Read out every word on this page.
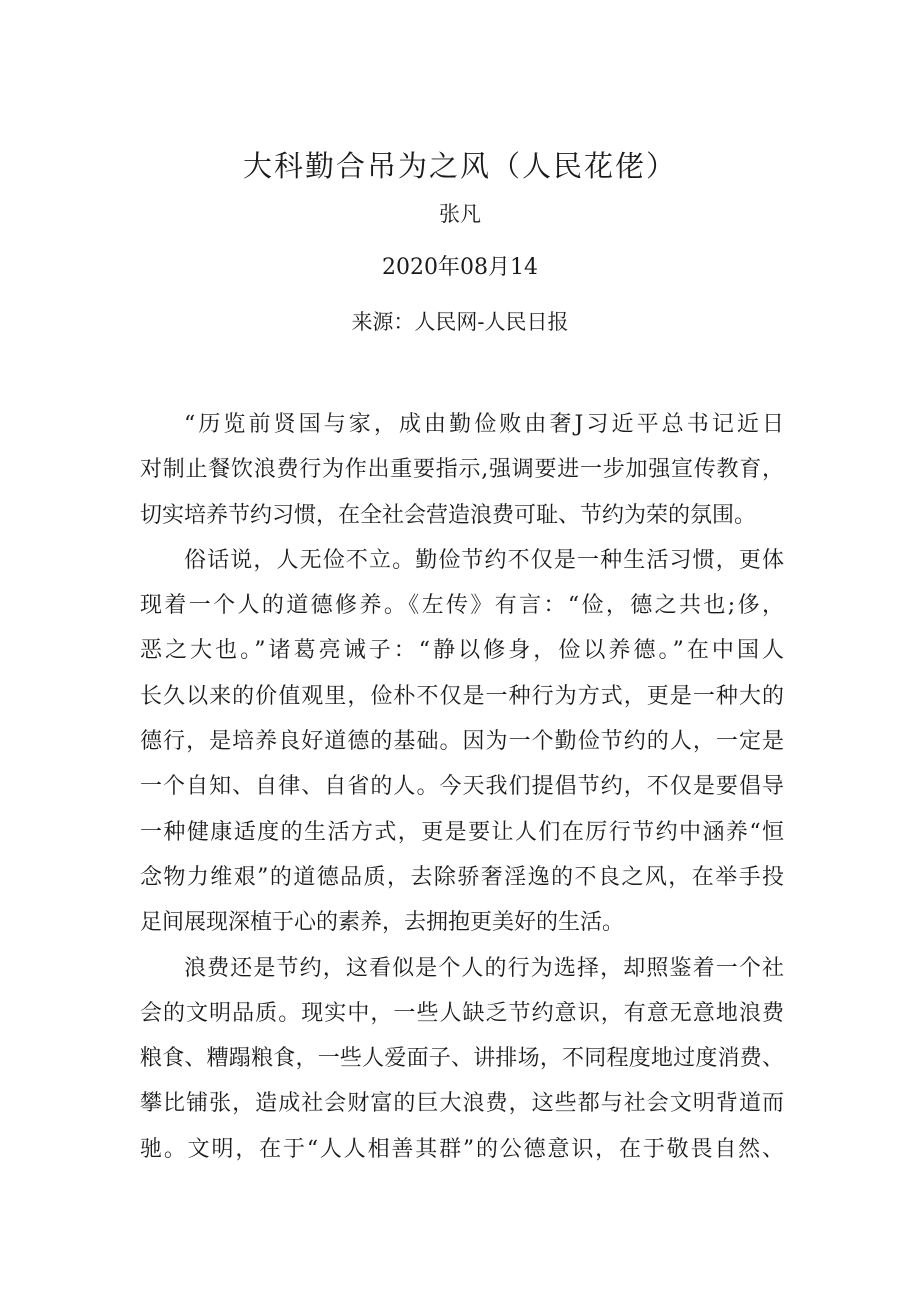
大科勤合吊为之风（人民花佬）
张凡
2020年08月14
来源：人民网-人民日报
“历览前贤国与家，成由勤俭败由奢J习近平总书记近日
对制止餐饮浪费行为作出重要指示,强调要进一步加强宣传教育，
切实培养节约习惯，在全社会营造浪费可耻、节约为荣的氛围。
俗话说，人无俭不立。勤俭节约不仅是一种生活习惯，更体
现着一个人的道德修养。《左传》有言：“俭，德之共也;侈，
恶之大也。”诸葛亮诫子：“静以修身，俭以养德。”在中国人
长久以来的价值观里，俭朴不仅是一种行为方式，更是一种大的
德行，是培养良好道德的基础。因为一个勤俭节约的人，一定是
一个自知、自律、自省的人。今天我们提倡节约，不仅是要倡导
一种健康适度的生活方式，更是要让人们在厉行节约中涵养“恒
念物力维艰”的道德品质，去除骄奢淫逸的不良之风，在举手投
足间展现深植于心的素养，去拥抱更美好的生活。
浪费还是节约，这看似是个人的行为选择，却照鉴着一个社
会的文明品质。现实中，一些人缺乏节约意识，有意无意地浪费
粮食、糟蹋粮食，一些人爱面子、讲排场，不同程度地过度消费、
攀比铺张，造成社会财富的巨大浪费，这些都与社会文明背道而
驰。文明，在于“人人相善其群”的公德意识，在于敬畏自然、
